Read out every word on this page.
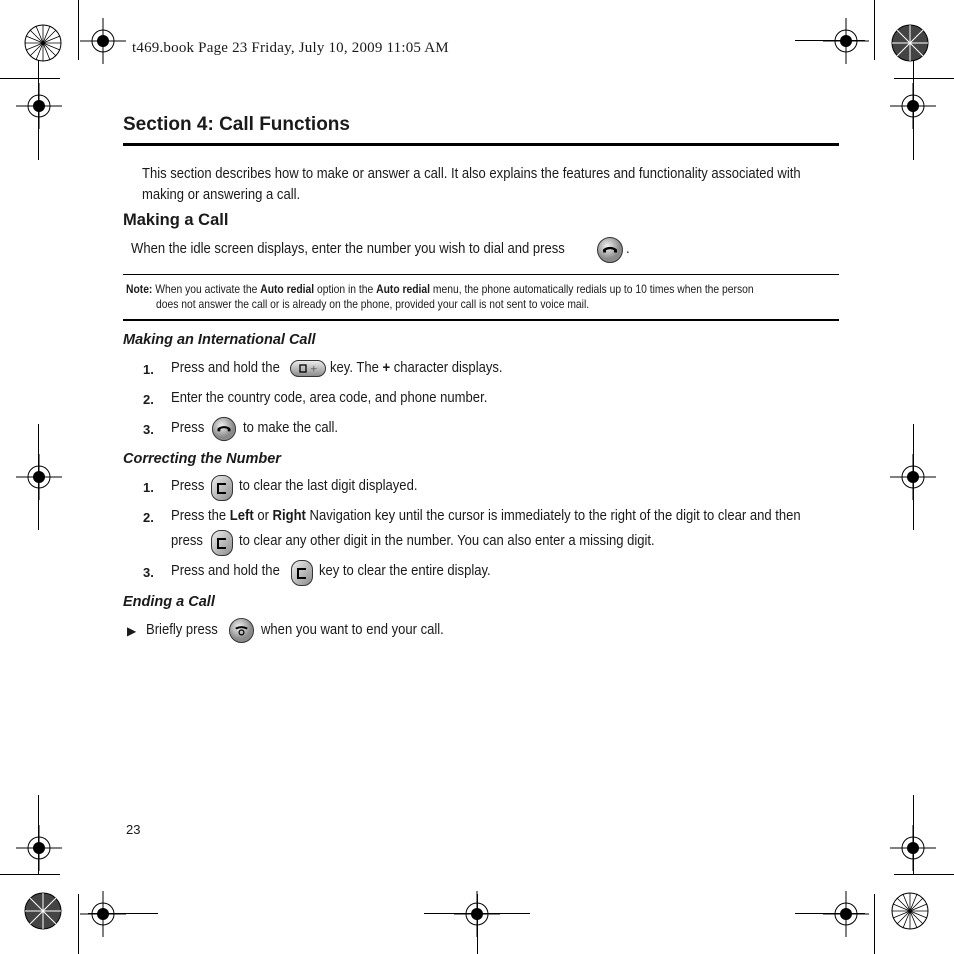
t469.book Page 23 Friday, July 10, 2009 11:05 AM
Section 4: Call Functions
This section describes how to make or answer a call. It also explains the features and functionality associated with
making or answering a call.
Making a Call
When the idle screen displays, enter the number you wish to dial and press	.
Note: When you activate the Auto redial option in the Auto redial menu, the phone automatically redials up to 10 times when the person
does not answer the call or is already on the phone, provided your call is not sent to voice mail.
Making an International Call
1. Press and hold the	+ key. The + character displays.
2. Enter the country code, area code, and phone number.
3. Press	to make the call.
Correcting the Number
1. Press to clear the last digit displayed.
2. Press the Left or Right Navigation key until the cursor is immediately to the right of the digit to clear and then
press to clear any other digit in the number. You can also enter a missing digit.
3. Press and hold the	key to clear the entire display.
Ending a Call
▶ Briefly press	when you want to end your call.
23
